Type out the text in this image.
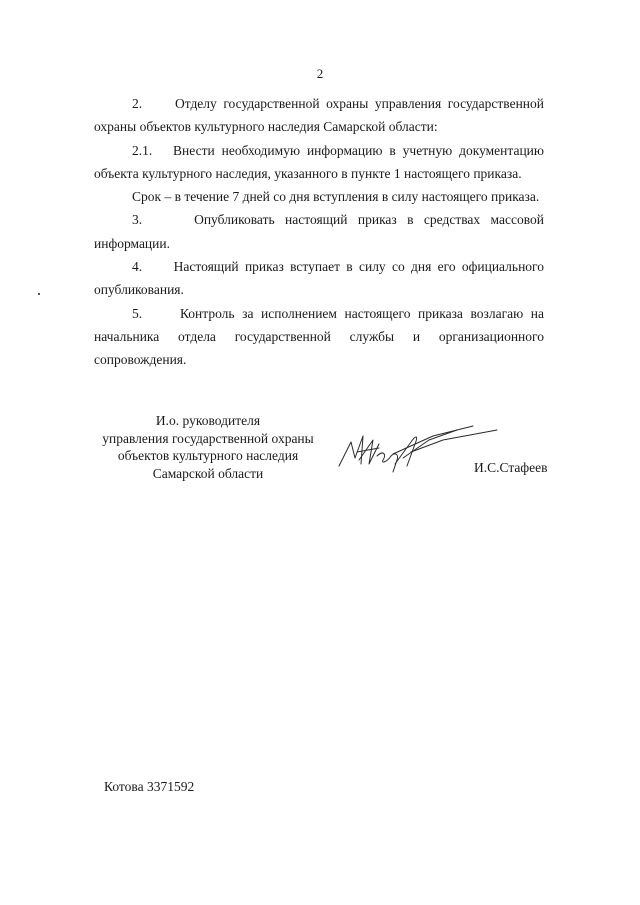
2

2.     Отделу государственной охраны управления государственной охраны объектов культурного наследия Самарской области:

2.1.   Внести необходимую информацию в учетную документацию объекта культурного наследия, указанного в пункте 1 настоящего приказа.

Срок – в течение 7 дней со дня вступления в силу настоящего приказа.

3.     Опубликовать настоящий приказ в средствах массовой информации.

4.     Настоящий приказ вступает в силу со дня его официального опубликования.

5.     Контроль за исполнением настоящего приказа возлагаю на начальника отдела государственной службы и организационного сопровождения.

И.о. руководителя
управления государственной охраны
объектов культурного наследия
Самарской области	И.С.Стафеев
Котова 3371592
